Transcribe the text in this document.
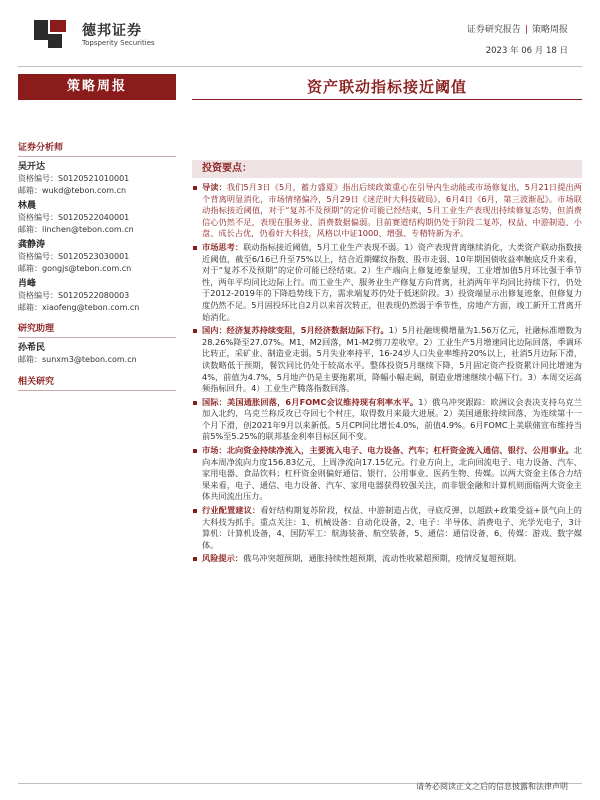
德邦证券
Topsperity Securities
证券研究报告 | 策略周报
2023 年 06 月 18 日
策略周报
证券分析师
吴开达
资格编号：S0120521010001
邮箱：wukd@tebon.com.cn
林晨
资格编号：S0120522040001
邮箱：linchen@tebon.com.cn
龚静涛
资格编号：S0120523030001
邮箱：gongjs@tebon.com.cn
肖峰
资格编号：S0120522080003
邮箱：xiaofeng@tebon.com.cn
研究助理
孙希民
邮箱：sunxm3@tebon.com.cn
相关研究
资产联动指标接近阈值
投资要点：
导读：我们5月3日《5月，蓄力盛夏》指出后续政策重心在引导内生动能或市场修复出，5月21日提出两个背离明显消化，市场情绪偏冷，5月29日《迷茫时大科技破局》，6月4日《6月，第三波渐起》。市场联动指标接近阈值，对于“复苏不及预期”的定价可能已经结束，5月工业生产表现出持续修复态势，但消费信心仍然不足，表现在服务业、消费数据偏弱。目前赛道结构期仍处于阶段二复苏，权益、中游制造、小盘、成长占优，仍看好大科技，风格以中证1000、增强、专精特新为矛。
市场思考：联动指标接近阈值，5月工业生产表现不弱。1）资产表现背离继续消化，大类资产联动指数接近阈值，截至6/16已升至75%以上，结合近期螺纹指数、股市走弱、10年期国债收益率触底反升来看，对于“复苏不及预期”的定价可能已经结束。2）生产端向上修复迹象显现，工业增加值5月环比强于季节性，两年平均同比边际上行。而工业生产、服务业生产修复方向背离，社消两年平均同比持续下行，仍处于2012-2019年的下降趋势线下方，需求端复苏仍处于低迷阶段。3）投资端显示出修复迹象，但修复力度仍然不足。5月固投环比自2月以来首次转正，但表现仍然弱于季节性，房地产方面，竣工新开工背离开始消化。
国内：经济复苏持续变阻，5月经济数据边际下行。1）5月社融规模增量为1.56万亿元，社融标准增数为28.26%降至27.07%。M1、M2回落，M1-M2剪刀差收窄。2）工业生产5月增速同比边际回落，季调环比转正，采矿业、制造业走弱。5月失业率持平，16-24岁人口失业率维持20%以上，社消5月边际下滑，读数略低于预期，餐饮同比仍处于较高水平。整体投资5月继续下降，5月固定资产投资累计同比增速为4%，前值为4.7%，5月地产仍是主要拖累项，降幅小幅走阔，制造业增速继续小幅下行。3）本周交运高频指标回升。4）工业生产腾落指数回落。
国际：美国通胀回落，6月FOMC会议维持现有利率水平。1）俄乌冲突跟踪：欧洲议会表决支持乌克兰加入北约，乌克兰称反攻已夺回七个村庄，取得数月来最大进展。2）美国通胀持续回落，为连续第十一个月下滑，创2021年9月以来新低。5月CPI同比增长4.0%，前值4.9%。6月FOMC上美联储宣布维持当前5%至5.25%的联邦基金利率目标区间不变。
市场：北向资金持续净流入，主要流入电子、电力设备、汽车；杠杆资金流入通信、银行、公用事业。北向本周净流向力度156.83亿元，上周净流向17.15亿元。行业方向上，北向回流电子、电力设备、汽车、家用电器、食品饮料；杠杆资金则偏好通信、银行、公用事业、医药生物、传媒。以两大资金主体合力结果来看，电子、通信、电力设备、汽车、家用电器获得较强关注，而非银金融和计算机则面临两大资金主体共同流出压力。
行业配置建议：看好结构期复苏阶段，权益、中游制造占优，寻底反弹，以超跌+政策受益+景气向上的大科技为抓手。重点关注：1、机械设备：自动化设备，2、电子：半导体、消费电子、光学光电子，3计算机：计算机设备，4、国防军工：航海装备、航空装备，5、通信：通信设备，6、传媒：游戏、数字媒体。
风险提示：俄乌冲突超预期，通胀持续性超预期，流动性收紧超预期，疫情反复超预期。
请务必阅读正文之后的信息披露和法律声明
